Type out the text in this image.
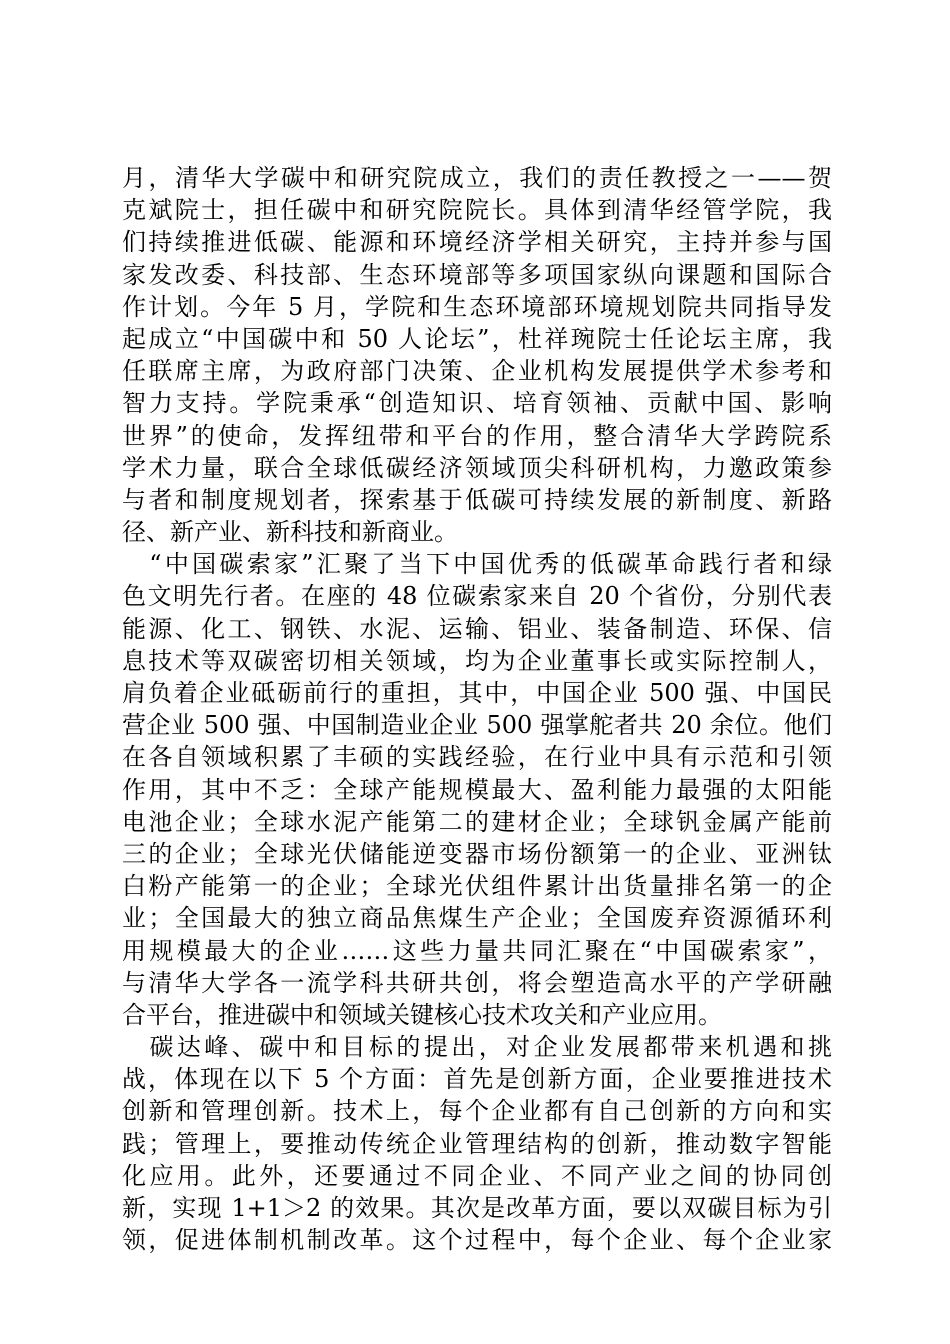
月，清华大学碳中和研究院成立，我们的责任教授之一——贺
克斌院士，担任碳中和研究院院长。具体到清华经管学院，我
们持续推进低碳、能源和环境经济学相关研究，主持并参与国
家发改委、科技部、生态环境部等多项国家纵向课题和国际合
作计划。今年 5 月，学院和生态环境部环境规划院共同指导发
起成立“中国碳中和 50 人论坛”，杜祥琬院士任论坛主席，我
任联席主席，为政府部门决策、企业机构发展提供学术参考和
智力支持。学院秉承“创造知识、培育领袖、贡献中国、影响
世界”的使命，发挥纽带和平台的作用，整合清华大学跨院系
学术力量，联合全球低碳经济领域顶尖科研机构，力邀政策参
与者和制度规划者，探索基于低碳可持续发展的新制度、新路
径、新产业、新科技和新商业。
　“中国碳索家”汇聚了当下中国优秀的低碳革命践行者和绿
色文明先行者。在座的 48 位碳索家来自 20 个省份，分别代表
能源、化工、钢铁、水泥、运输、铝业、装备制造、环保、信
息技术等双碳密切相关领域，均为企业董事长或实际控制人，
肩负着企业砥砺前行的重担，其中，中国企业 500 强、中国民
营企业 500 强、中国制造业企业 500 强掌舵者共 20 余位。他们
在各自领域积累了丰硕的实践经验，在行业中具有示范和引领
作用，其中不乏：全球产能规模最大、盈利能力最强的太阳能
电池企业；全球水泥产能第二的建材企业；全球钒金属产能前
三的企业；全球光伏储能逆变器市场份额第一的企业、亚洲钛
白粉产能第一的企业；全球光伏组件累计出货量排名第一的企
业；全国最大的独立商品焦煤生产企业；全国废弃资源循环利
用规模最大的企业……这些力量共同汇聚在“中国碳索家”，
与清华大学各一流学科共研共创，将会塑造高水平的产学研融
合平台，推进碳中和领域关键核心技术攻关和产业应用。
　碳达峰、碳中和目标的提出，对企业发展都带来机遇和挑
战，体现在以下 5 个方面：首先是创新方面，企业要推进技术
创新和管理创新。技术上，每个企业都有自己创新的方向和实
践；管理上，要推动传统企业管理结构的创新，推动数字智能
化应用。此外，还要通过不同企业、不同产业之间的协同创
新，实现 1+1＞2 的效果。其次是改革方面，要以双碳目标为引
领，促进体制机制改革。这个过程中，每个企业、每个企业家
